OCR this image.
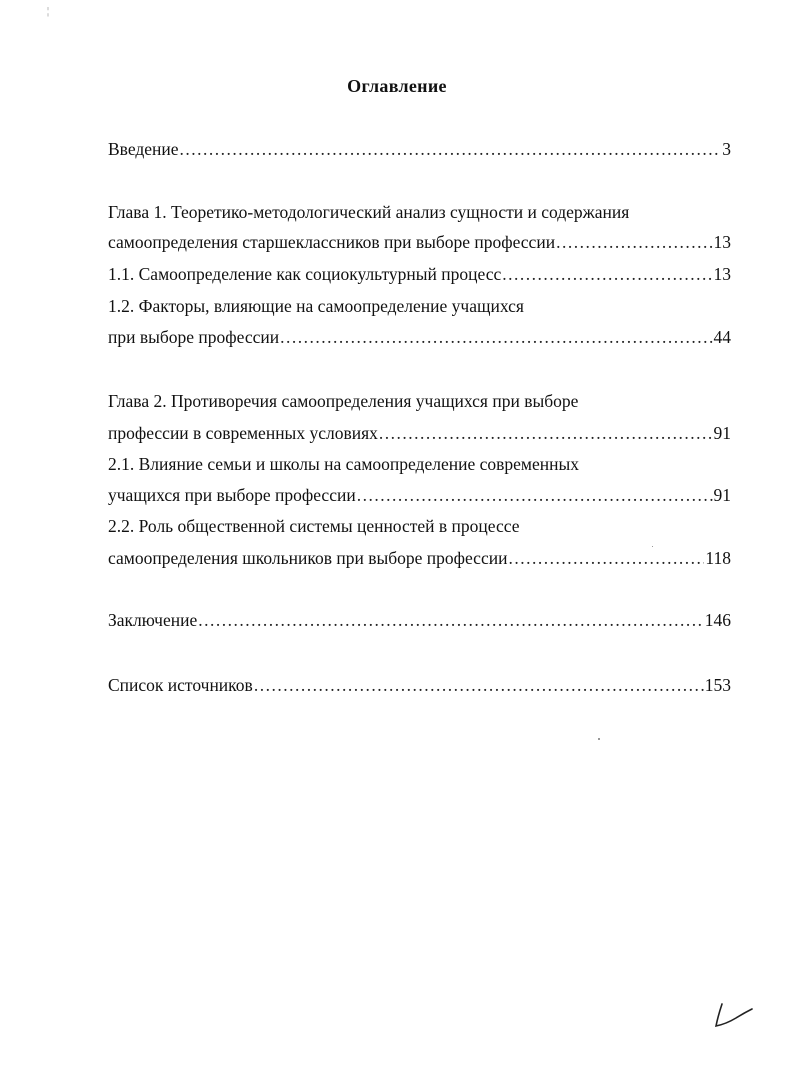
¦
Оглавление
Введение .....	3
Глава 1. Теоретико-методологический анализ сущности и содержания
самоопределения старшеклассников при выборе профессии .....	13
1.1. Самоопределение как социокультурный процесс .....	13
1.2. Факторы, влияющие на самоопределение учащихся
при выборе профессии .....	44
Глава 2. Противоречия самоопределения учащихся при выборе
профессии в современных условиях .....	91
2.1. Влияние семьи и школы на самоопределение современных
учащихся при выборе профессии .....	91
2.2. Роль общественной системы ценностей в процессе
самоопределения школьников при выборе профессии .....	118
Заключение .....	146
Список источников .....	153
